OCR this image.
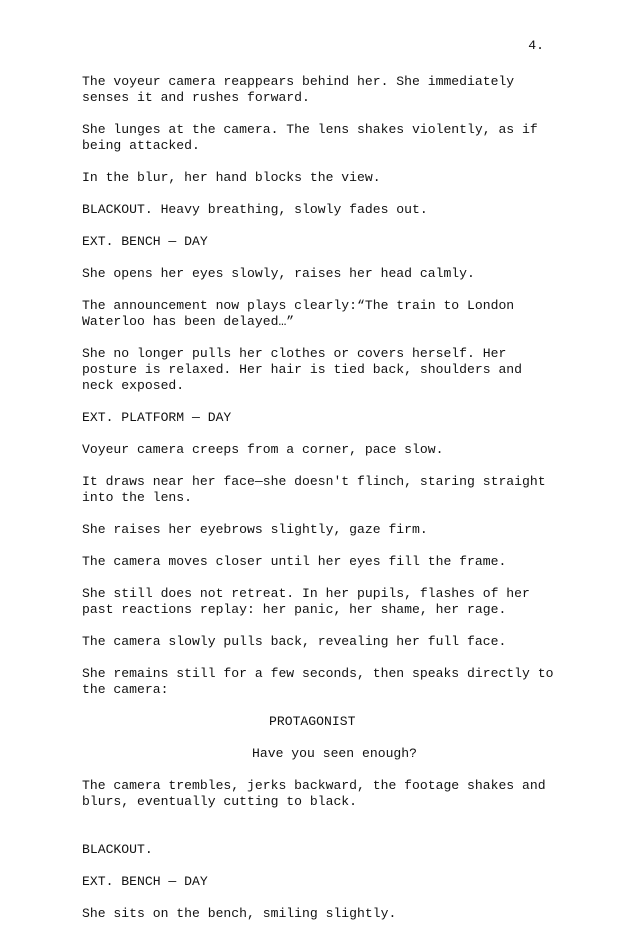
4.

The voyeur camera reappears behind her. She immediately
senses it and rushes forward.

She lunges at the camera. The lens shakes violently, as if
being attacked.

In the blur, her hand blocks the view.

BLACKOUT. Heavy breathing, slowly fades out.

EXT. BENCH — DAY

She opens her eyes slowly, raises her head calmly.

The announcement now plays clearly:“The train to London
Waterloo has been delayed…”

She no longer pulls her clothes or covers herself. Her
posture is relaxed. Her hair is tied back, shoulders and
neck exposed.

EXT. PLATFORM — DAY

Voyeur camera creeps from a corner, pace slow.

It draws near her face—she doesn't flinch, staring straight
into the lens.

She raises her eyebrows slightly, gaze firm.

The camera moves closer until her eyes fill the frame.

She still does not retreat. In her pupils, flashes of her
past reactions replay: her panic, her shame, her rage.

The camera slowly pulls back, revealing her full face.

She remains still for a few seconds, then speaks directly to
the camera:

PROTAGONIST

Have you seen enough?

The camera trembles, jerks backward, the footage shakes and
blurs, eventually cutting to black.

BLACKOUT.

EXT. BENCH — DAY

She sits on the bench, smiling slightly.
